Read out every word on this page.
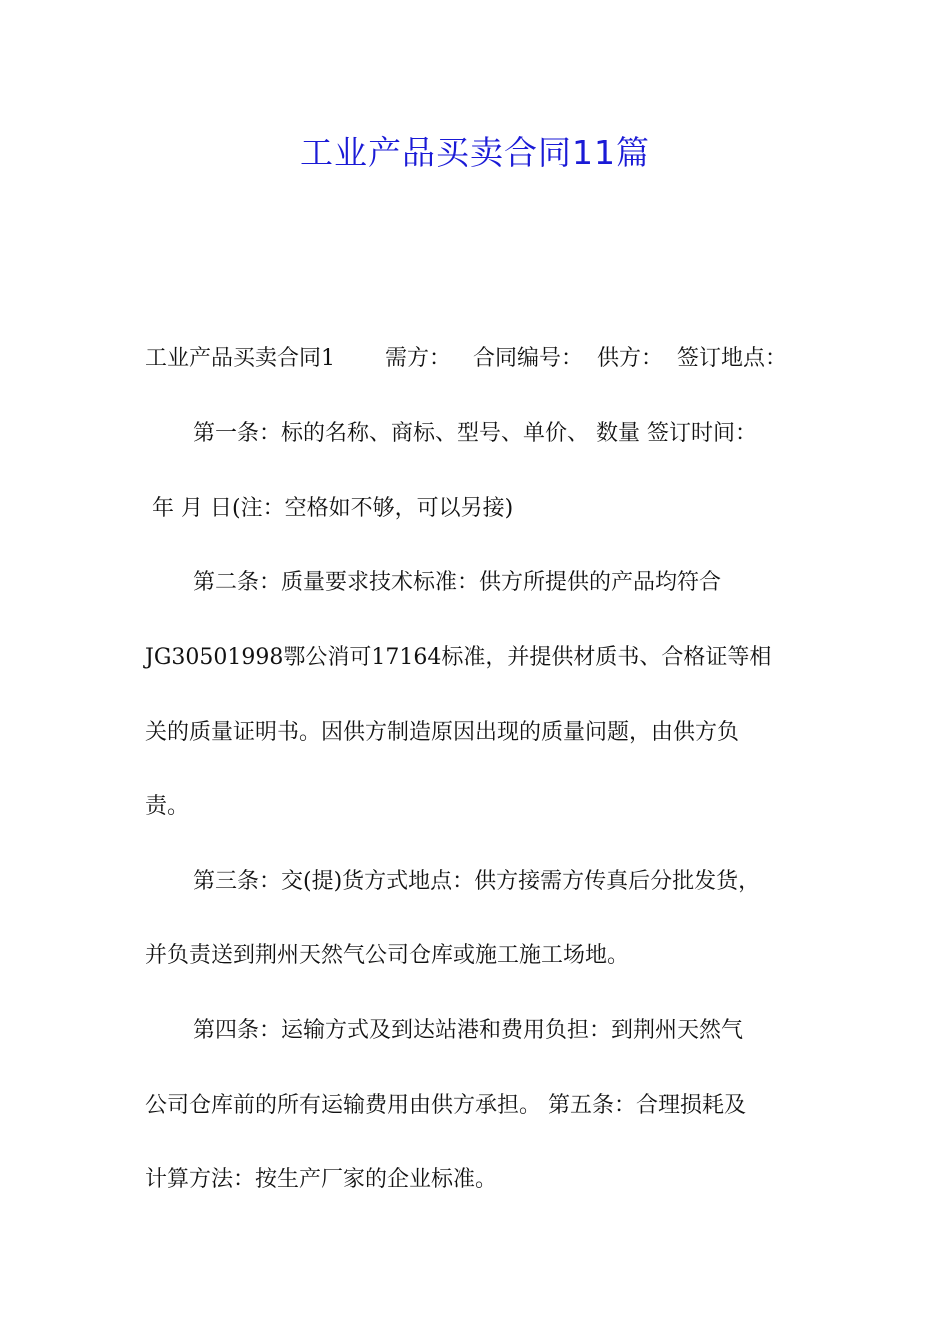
工业产品买卖合同11篇
工业产品买卖合同1 需方： 合同编号： 供方： 签订地点：
第一条：标的名称、商标、型号、单价、 数量 签订时间：
年 月 日(注：空格如不够，可以另接)
第二条：质量要求技术标准：供方所提供的产品均符合
JG30501998鄂公消可17164标准，并提供材质书、合格证等相
关的质量证明书。因供方制造原因出现的质量问题，由供方负
责。
第三条：交(提)货方式地点：供方接需方传真后分批发货，
并负责送到荆州天然气公司仓库或施工施工场地。
第四条：运输方式及到达站港和费用负担：到荆州天然气
公司仓库前的所有运输费用由供方承担。 第五条：合理损耗及
计算方法：按生产厂家的企业标准。
